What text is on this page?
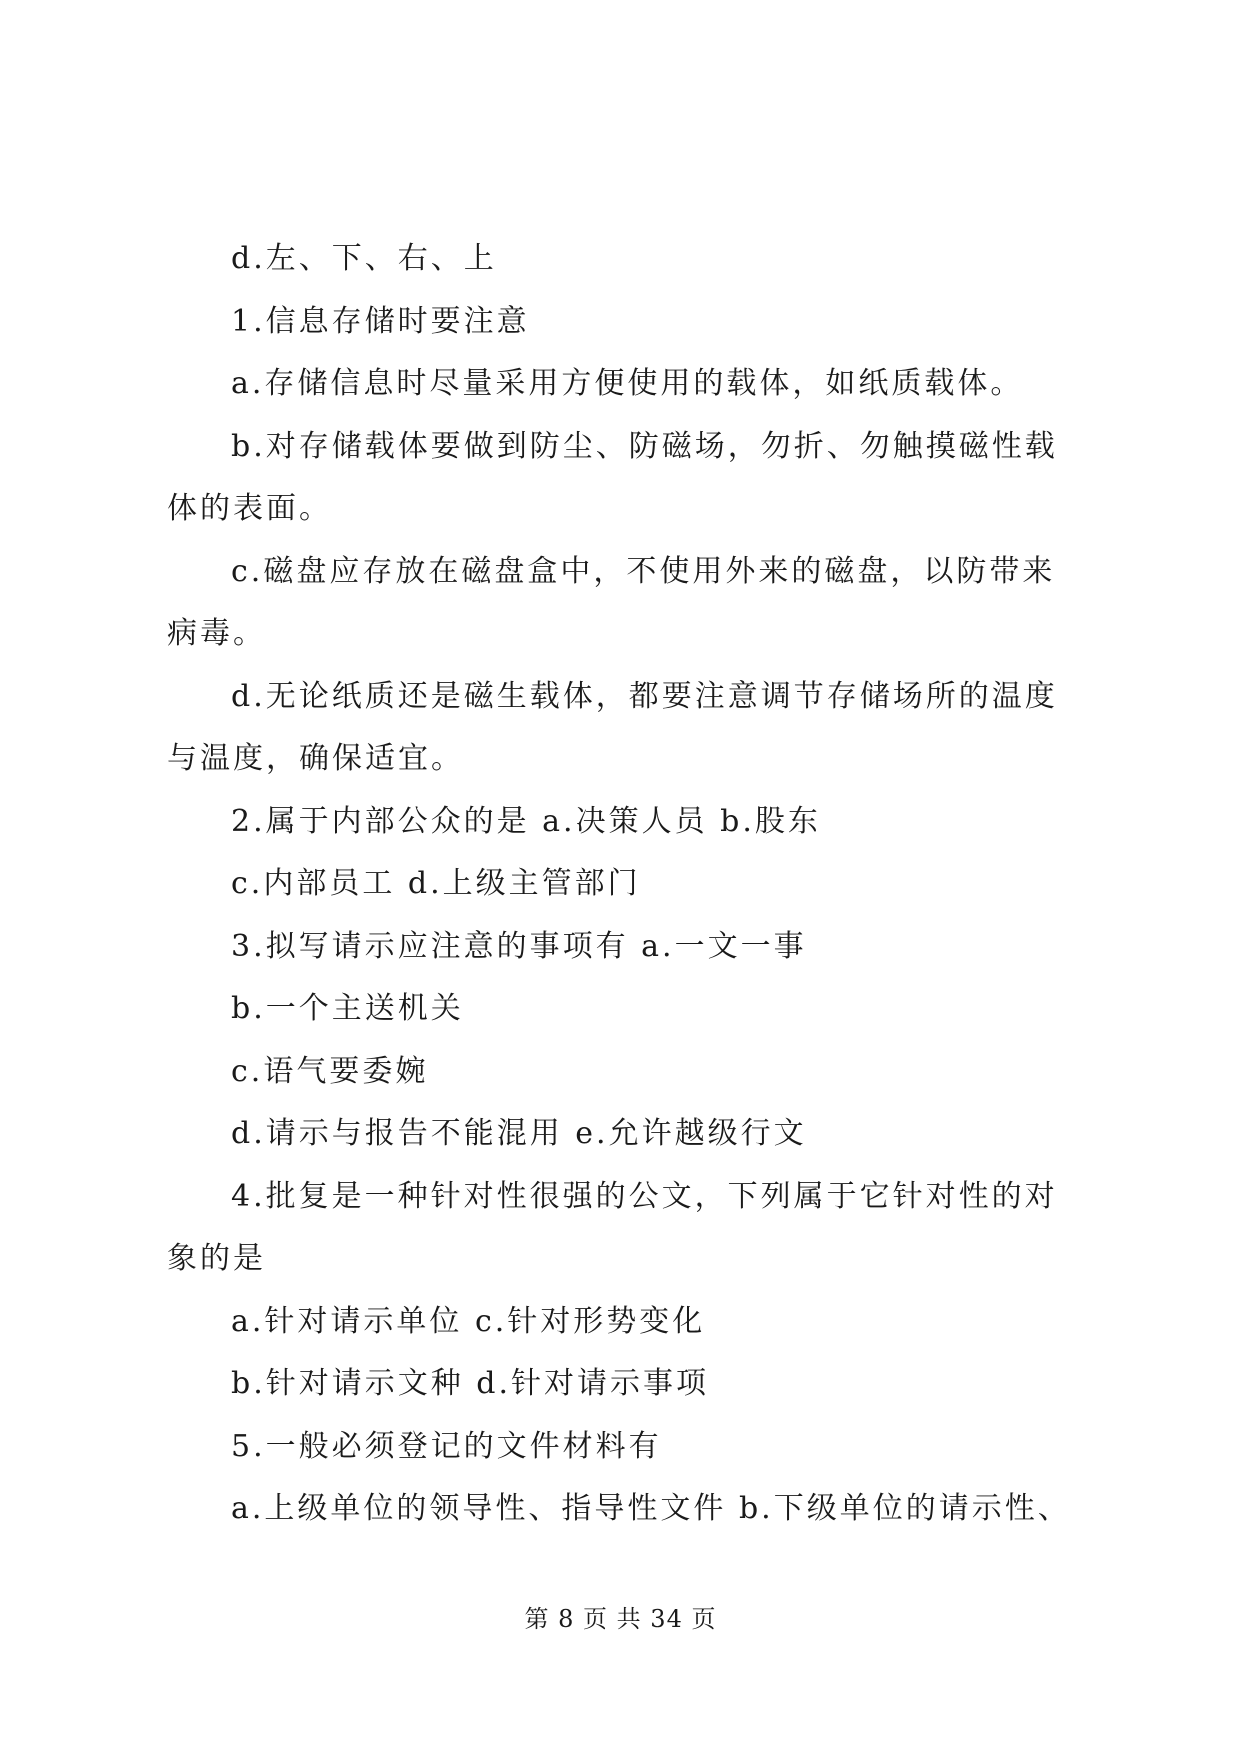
d.左、下、右、上

1.信息存储时要注意

a.存储信息时尽量采用方便使用的载体，如纸质载体。

b.对存储载体要做到防尘、防磁场，勿折、勿触摸磁性载体的表面。

c.磁盘应存放在磁盘盒中，不使用外来的磁盘，以防带来病毒。

d.无论纸质还是磁生载体，都要注意调节存储场所的温度与温度，确保适宜。

2.属于内部公众的是 a.决策人员 b.股东

c.内部员工 d.上级主管部门

3.拟写请示应注意的事项有 a.一文一事

b.一个主送机关

c.语气要委婉

d.请示与报告不能混用 e.允许越级行文

4.批复是一种针对性很强的公文，下列属于它针对性的对象的是

a.针对请示单位 c.针对形势变化

b.针对请示文种 d.针对请示事项

5.一般必须登记的文件材料有

a.上级单位的领导性、指导性文件 b.下级单位的请示性、

第 8 页 共 34 页
